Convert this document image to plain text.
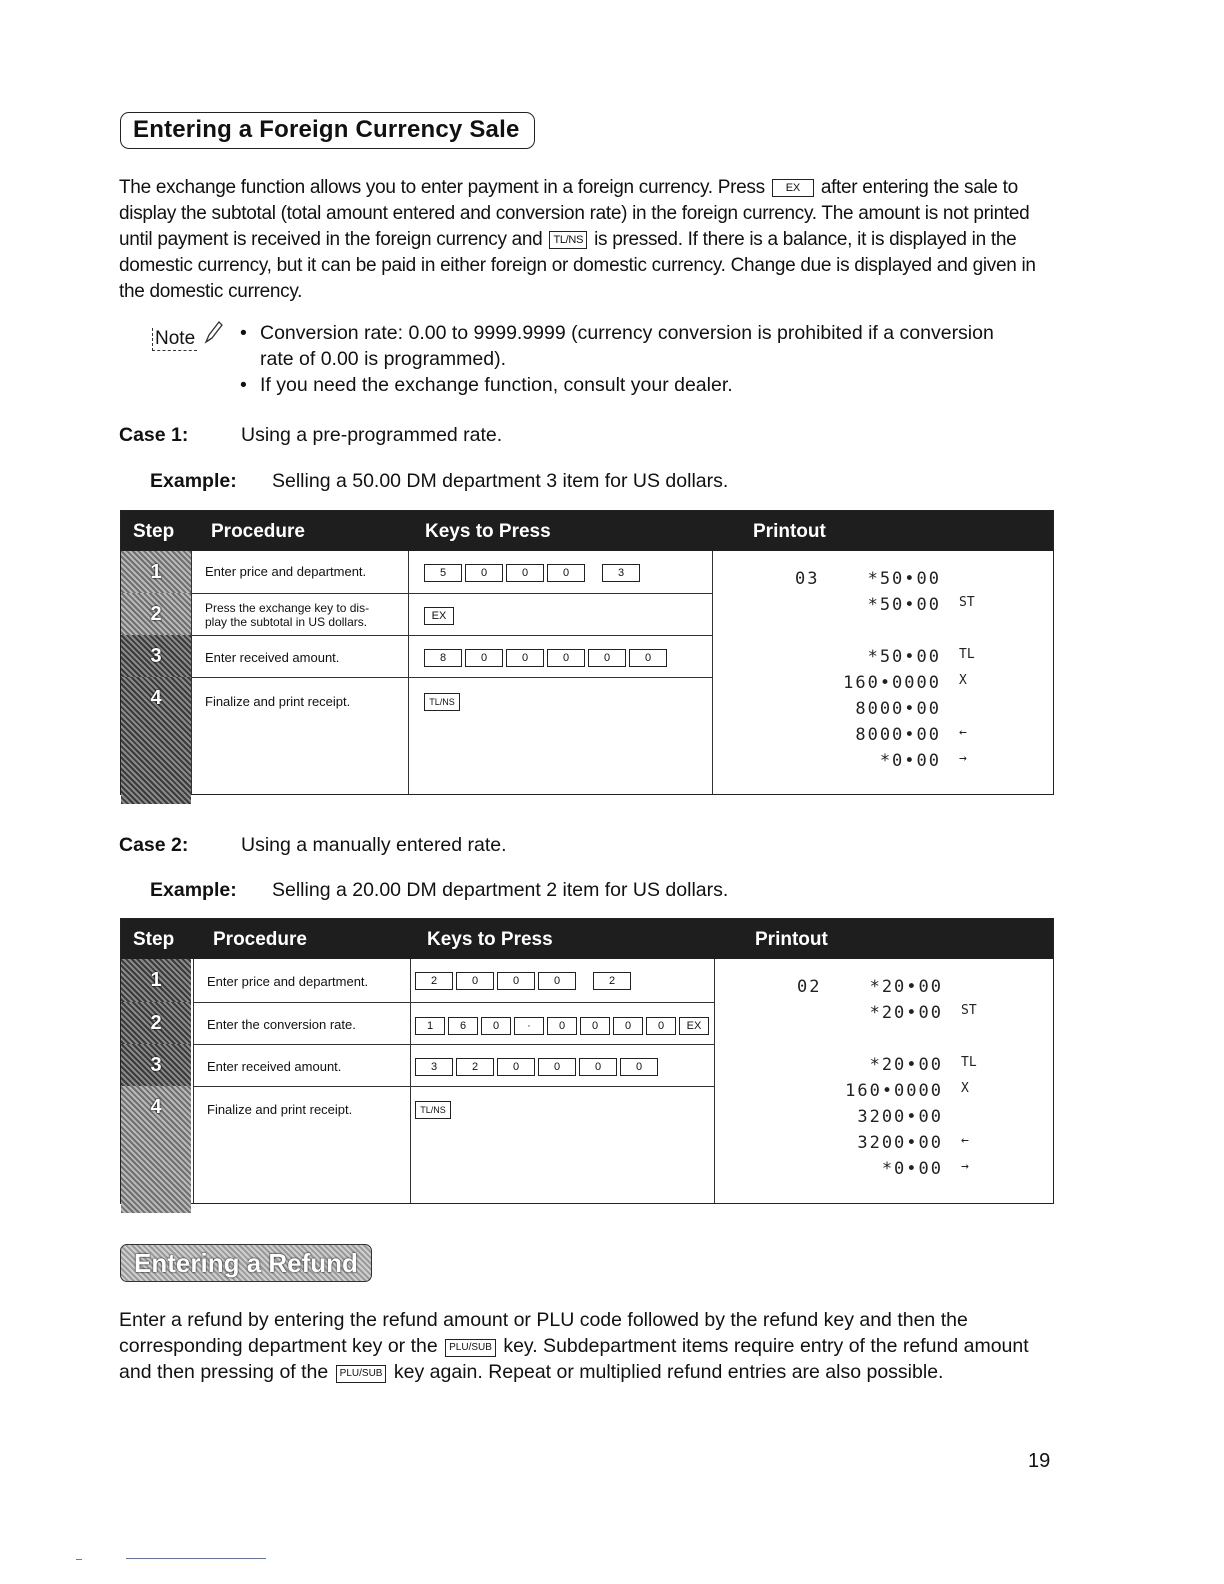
Entering a Foreign Currency Sale
The exchange function allows you to enter payment in a foreign currency. Press EX after entering the sale to display the subtotal (total amount entered and conversion rate) in the foreign currency. The amount is not printed until payment is received in the foreign currency and TL/NS is pressed. If there is a balance, it is displayed in the domestic currency, but it can be paid in either foreign or domestic currency. Change due is displayed and given in the domestic currency.
Note
•	Conversion rate: 0.00 to 9999.9999 (currency conversion is prohibited if a conversion rate of 0.00 is programmed).
• If you need the exchange function, consult your dealer.
Case 1:	Using a pre-programmed rate.
Example: Selling a 50.00 DM department 3 item for US dollars.
Step Procedure	Keys to Press	Printout
1
2
3
4
Enter price and department.
Press the exchange key to dis-
play the subtotal in US dollars.
Enter received amount.
Finalize and print receipt.
5	0	0	0	3
EX
8	0	0	0	0	0
TL/NS
03	*50•00
*50•00 ST
*50•00 TL
160•0000 X
8000•00
8000•00 ←
*0•00 →
Case 2:	Using a manually entered rate.
Example: Selling a 20.00 DM department 2 item for US dollars.
Step Procedure	Keys to Press	Printout
1
2
3
4
Enter price and department.
Enter the conversion rate.
Enter received amount.
Finalize and print receipt.
2	0	0	0	2
1	6	0	·	0	0	0	0	EX
3	2	0	0	0	0
TL/NS
02	*20•00
*20•00 ST
*20•00 TL
160•0000 X
3200•00
3200•00 ←
*0•00 →
Entering a Refund
Enter a refund by entering the refund amount or PLU code followed by the refund key and then the corresponding department key or the PLU/SUB key. Subdepartment items require entry of the refund amount and then pressing of the PLU/SUB key again. Repeat or multiplied refund entries are also possible.
19
